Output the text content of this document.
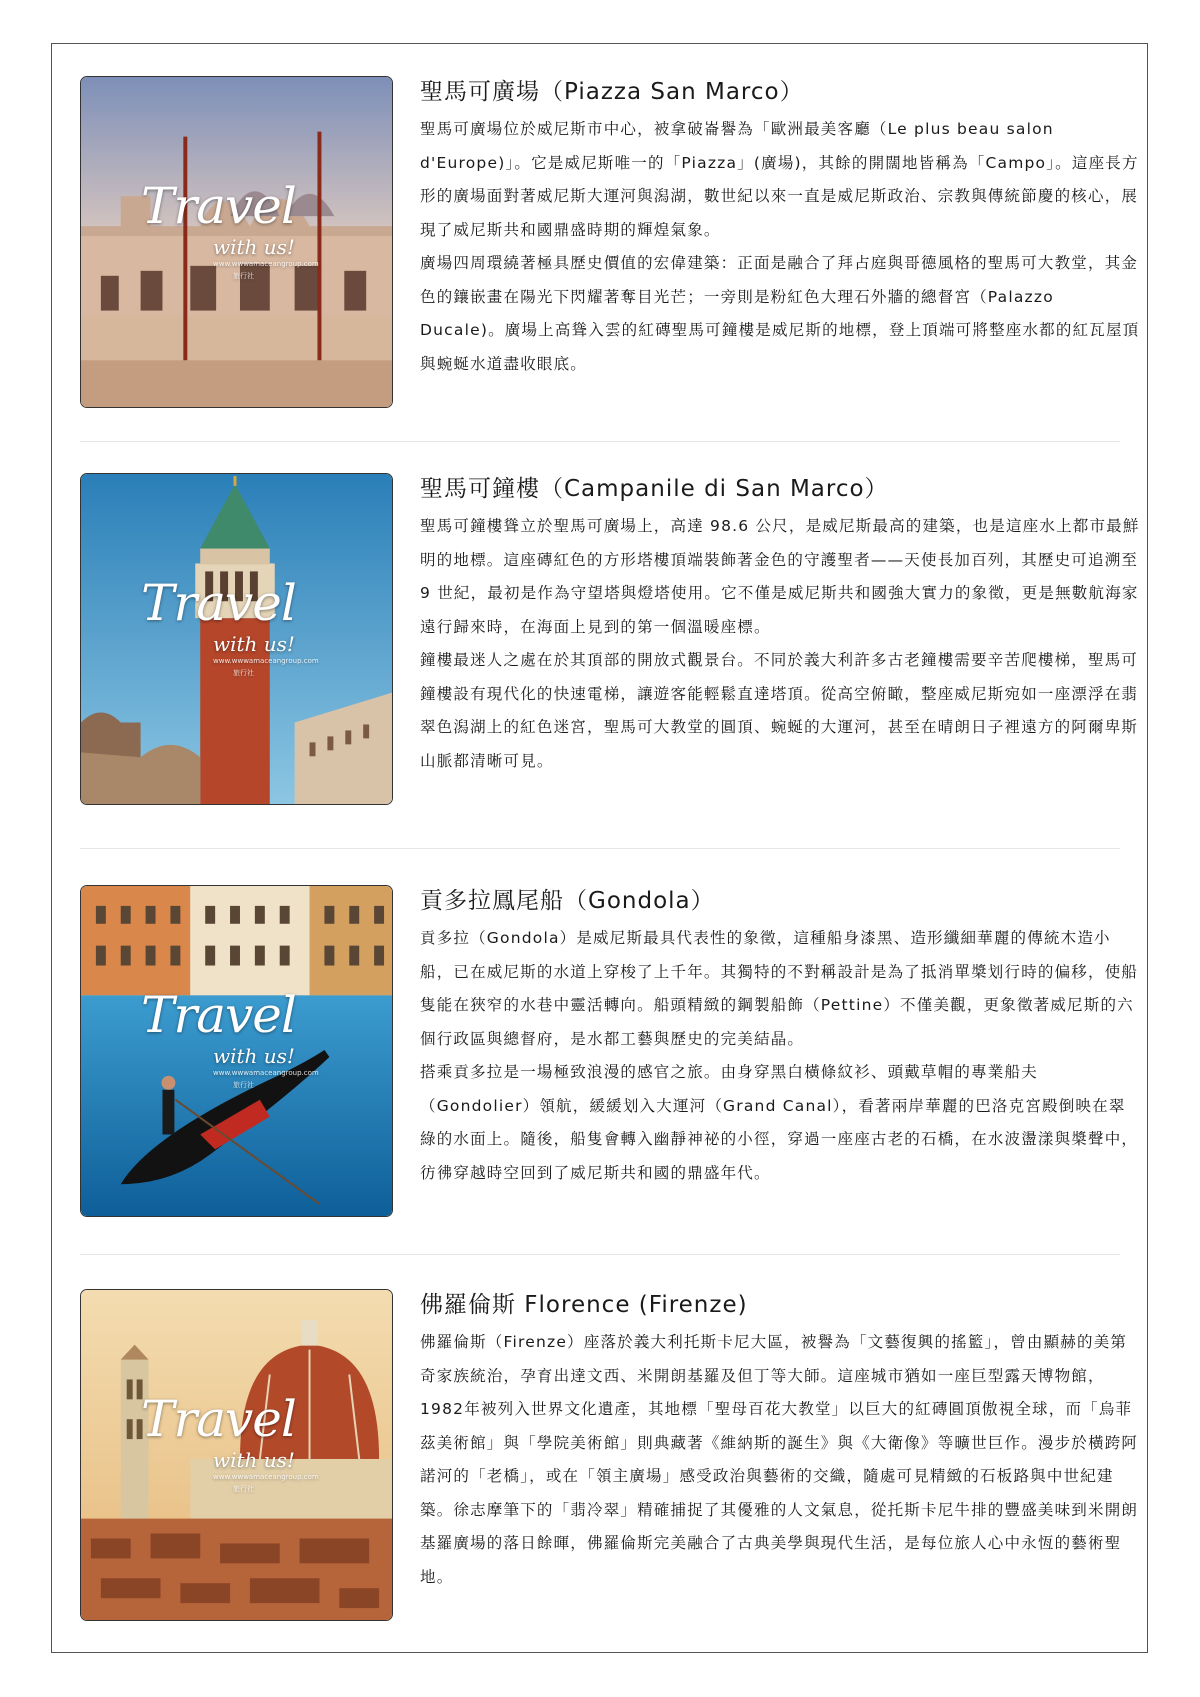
Travel
with us!
www.wwwamaceangroup.com
旅行社
聖馬可廣場（Piazza San Marco）

聖馬可廣場位於威尼斯市中心，被拿破崙譽為「歐洲最美客廳（Le plus beau salon d'Europe)」。它是威尼斯唯一的「Piazza」(廣場)，其餘的開闊地皆稱為「Campo」。這座長方形的廣場面對著威尼斯大運河與潟湖，數世紀以來一直是威尼斯政治、宗教與傳統節慶的核心，展現了威尼斯共和國鼎盛時期的輝煌氣象。

廣場四周環繞著極具歷史價值的宏偉建築：正面是融合了拜占庭與哥德風格的聖馬可大教堂，其金色的鑲嵌畫在陽光下閃耀著奪目光芒；一旁則是粉紅色大理石外牆的總督宮（Palazzo Ducale)。廣場上高聳入雲的紅磚聖馬可鐘樓是威尼斯的地標，登上頂端可將整座水都的紅瓦屋頂與蜿蜒水道盡收眼底。

Travel
with us!
www.wwwamaceangroup.com
旅行社
聖馬可鐘樓（Campanile di San Marco）

聖馬可鐘樓聳立於聖馬可廣場上，高達 98.6 公尺，是威尼斯最高的建築，也是這座水上都市最鮮明的地標。這座磚紅色的方形塔樓頂端裝飾著金色的守護聖者——天使長加百列，其歷史可追溯至 9 世紀，最初是作為守望塔與燈塔使用。它不僅是威尼斯共和國強大實力的象徵，更是無數航海家遠行歸來時，在海面上見到的第一個溫暖座標。

鐘樓最迷人之處在於其頂部的開放式觀景台。不同於義大利許多古老鐘樓需要辛苦爬樓梯，聖馬可鐘樓設有現代化的快速電梯，讓遊客能輕鬆直達塔頂。從高空俯瞰，整座威尼斯宛如一座漂浮在翡翠色潟湖上的紅色迷宮，聖馬可大教堂的圓頂、蜿蜒的大運河，甚至在晴朗日子裡遠方的阿爾卑斯山脈都清晰可見。

Travel
with us!
www.wwwamaceangroup.com
旅行社
貢多拉鳳尾船（Gondola）

貢多拉（Gondola）是威尼斯最具代表性的象徵，這種船身漆黑、造形纖細華麗的傳統木造小船，已在威尼斯的水道上穿梭了上千年。其獨特的不對稱設計是為了抵消單槳划行時的偏移，使船隻能在狹窄的水巷中靈活轉向。船頭精緻的鋼製船飾（Pettine）不僅美觀，更象徵著威尼斯的六個行政區與總督府，是水都工藝與歷史的完美結晶。

搭乘貢多拉是一場極致浪漫的感官之旅。由身穿黑白橫條紋衫、頭戴草帽的專業船夫（Gondolier）領航，緩緩划入大運河（Grand Canal），看著兩岸華麗的巴洛克宮殿倒映在翠綠的水面上。隨後，船隻會轉入幽靜神祕的小徑，穿過一座座古老的石橋，在水波盪漾與槳聲中，彷彿穿越時空回到了威尼斯共和國的鼎盛年代。

Travel
with us!
www.wwwamaceangroup.com
旅行社
佛羅倫斯 Florence (Firenze)

佛羅倫斯（Firenze）座落於義大利托斯卡尼大區，被譽為「文藝復興的搖籃」，曾由顯赫的美第奇家族統治，孕育出達文西、米開朗基羅及但丁等大師。這座城市猶如一座巨型露天博物館，1982年被列入世界文化遺產，其地標「聖母百花大教堂」以巨大的紅磚圓頂傲視全球，而「烏菲茲美術館」與「學院美術館」則典藏著《維納斯的誕生》與《大衛像》等曠世巨作。漫步於橫跨阿諾河的「老橋」，或在「領主廣場」感受政治與藝術的交織，隨處可見精緻的石板路與中世紀建築。徐志摩筆下的「翡冷翠」精確捕捉了其優雅的人文氣息，從托斯卡尼牛排的豐盛美味到米開朗基羅廣場的落日餘暉，佛羅倫斯完美融合了古典美學與現代生活，是每位旅人心中永恆的藝術聖地。
